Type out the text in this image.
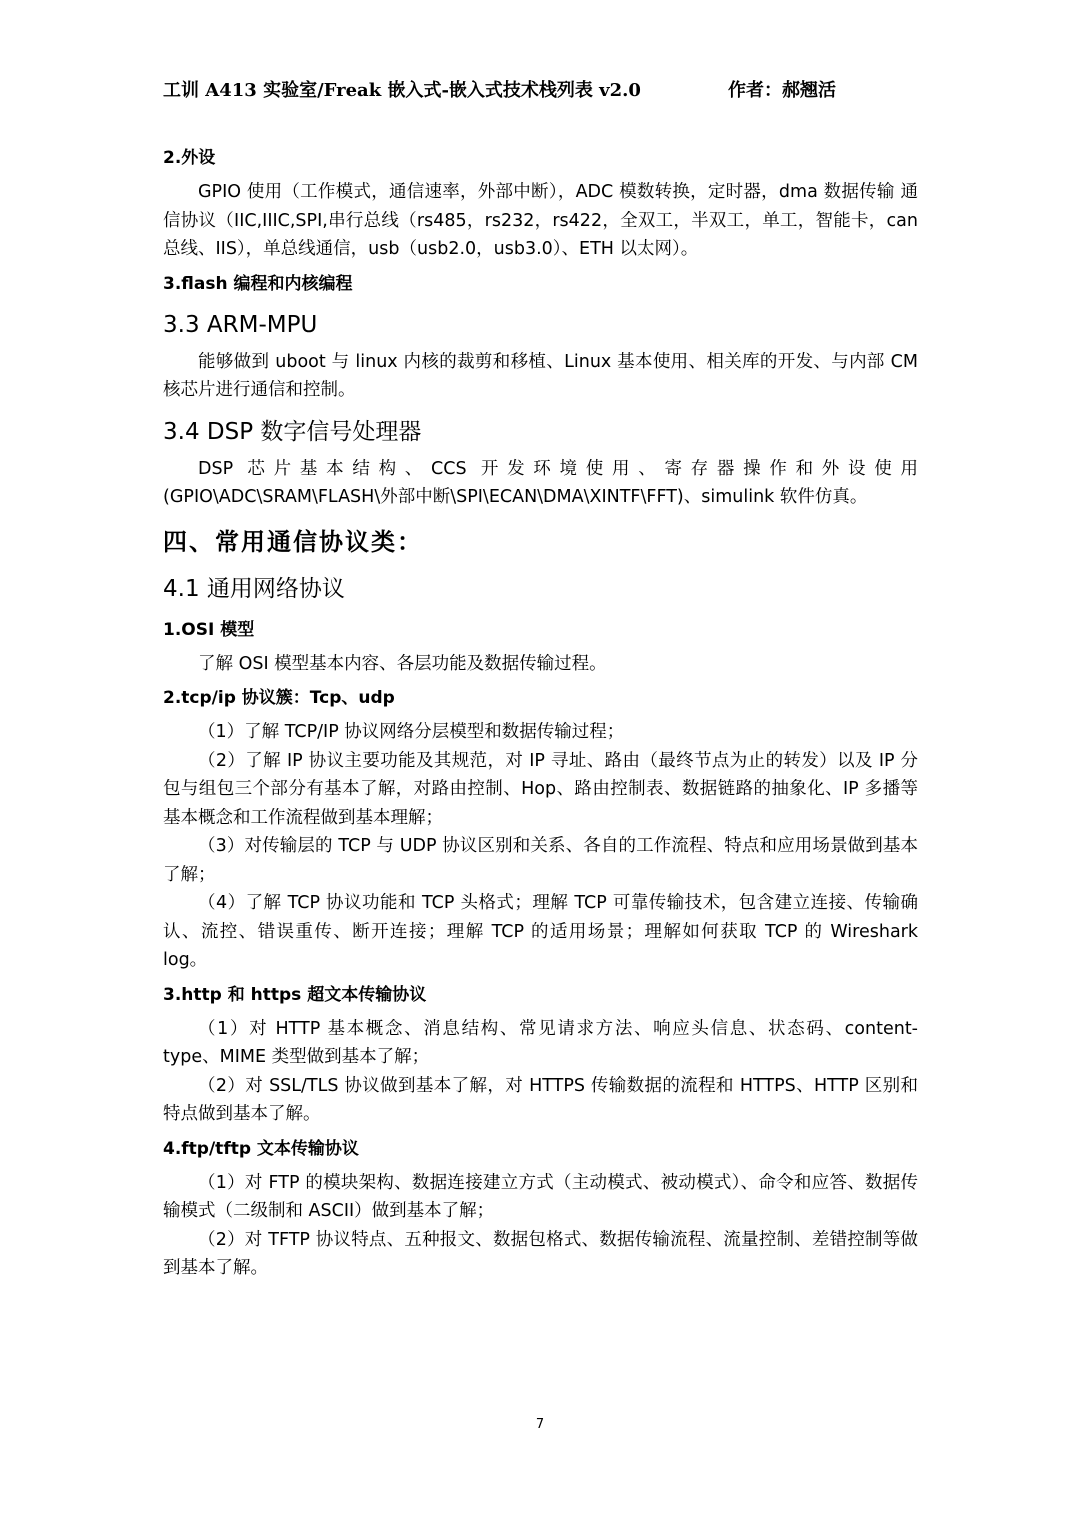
工训 A413 实验室/Freak 嵌入式-嵌入式技术栈列表 v2.0	作者：郝翘活

2.外设

GPIO 使用（工作模式，通信速率，外部中断），ADC 模数转换，定时器，dma 数据传输 通信协议（IIC,IIIC,SPI,串行总线（rs485，rs232，rs422，全双工，半双工，单工，智能卡，can 总线、IIS），单总线通信，usb（usb2.0，usb3.0）、ETH 以太网）。

3.flash 编程和内核编程

3.3 ARM-MPU

能够做到 uboot 与 linux 内核的裁剪和移植、Linux 基本使用、相关库的开发、与内部 CM 核芯片进行通信和控制。

3.4 DSP 数字信号处理器

DSP 芯片基本结构、CCS 开发环境使用、寄存器操作和外设使用(GPIO\ADC\SRAM\FLASH\外部中断\SPI\ECAN\DMA\XINTF\FFT)、simulink 软件仿真。

四、常用通信协议类：

4.1 通用网络协议

1.OSI 模型

了解 OSI 模型基本内容、各层功能及数据传输过程。

2.tcp/ip 协议簇：Tcp、udp

（1）了解 TCP/IP 协议网络分层模型和数据传输过程；

（2）了解 IP 协议主要功能及其规范，对 IP 寻址、路由（最终节点为止的转发）以及 IP 分包与组包三个部分有基本了解，对路由控制、Hop、路由控制表、数据链路的抽象化、IP 多播等基本概念和工作流程做到基本理解；

（3）对传输层的 TCP 与 UDP 协议区别和关系、各自的工作流程、特点和应用场景做到基本了解；

（4）了解 TCP 协议功能和 TCP 头格式；理解 TCP 可靠传输技术，包含建立连接、传输确认、流控、错误重传、断开连接；理解 TCP 的适用场景；理解如何获取 TCP 的 Wireshark log。

3.http 和 https 超文本传输协议

（1）对 HTTP 基本概念、消息结构、常见请求方法、响应头信息、状态码、content-type、MIME 类型做到基本了解；

（2）对 SSL/TLS 协议做到基本了解，对 HTTPS 传输数据的流程和 HTTPS、HTTP 区别和特点做到基本了解。

4.ftp/tftp 文本传输协议

（1）对 FTP 的模块架构、数据连接建立方式（主动模式、被动模式）、命令和应答、数据传输模式（二级制和 ASCII）做到基本了解；

（2）对 TFTP 协议特点、五种报文、数据包格式、数据传输流程、流量控制、差错控制等做到基本了解。

7
